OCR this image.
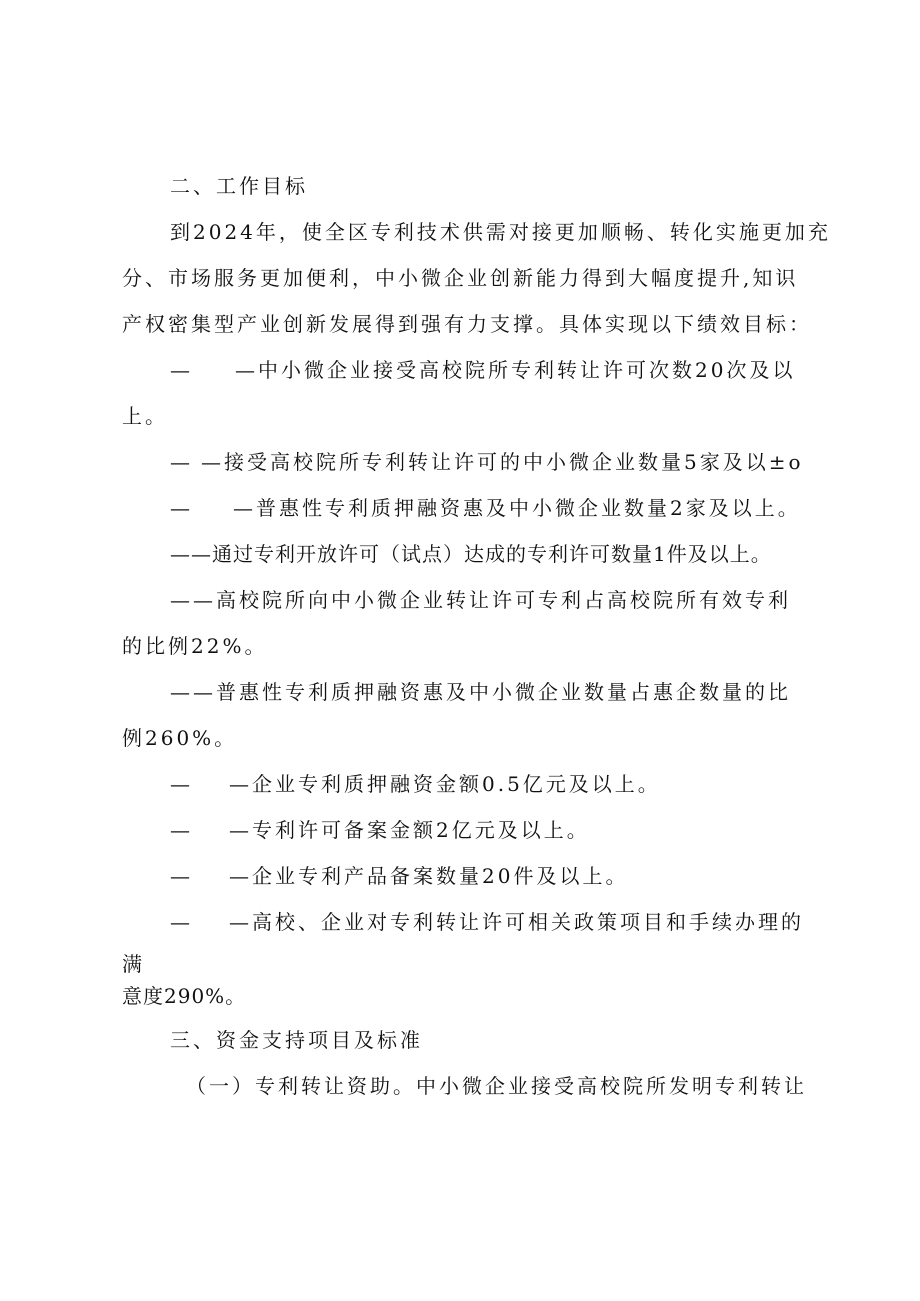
二、工作目标

到2024年，使全区专利技术供需对接更加顺畅、转化实施更加充

分、市场服务更加便利，中小微企业创新能力得到大幅度提升,知识

产权密集型产业创新发展得到强有力支撑。具体实现以下绩效目标：

— —中小微企业接受高校院所专利转让许可次数20次及以

上。

— —接受高校院所专利转让许可的中小微企业数量5家及以±o

— —普惠性专利质押融资惠及中小微企业数量2家及以上。

——通过专利开放许可（试点）达成的专利许可数量1件及以上。

——高校院所向中小微企业转让许可专利占高校院所有效专利

的比例22%。

——普惠性专利质押融资惠及中小微企业数量占惠企数量的比

例260%。

— —企业专利质押融资金额0.5亿元及以上。

— —专利许可备案金额2亿元及以上。

— —企业专利产品备案数量20件及以上。

— —高校、企业对专利转让许可相关政策项目和手续办理的

满

意度290%。

三、资金支持项目及标准

（一）专利转让资助。中小微企业接受高校院所发明专利转让
